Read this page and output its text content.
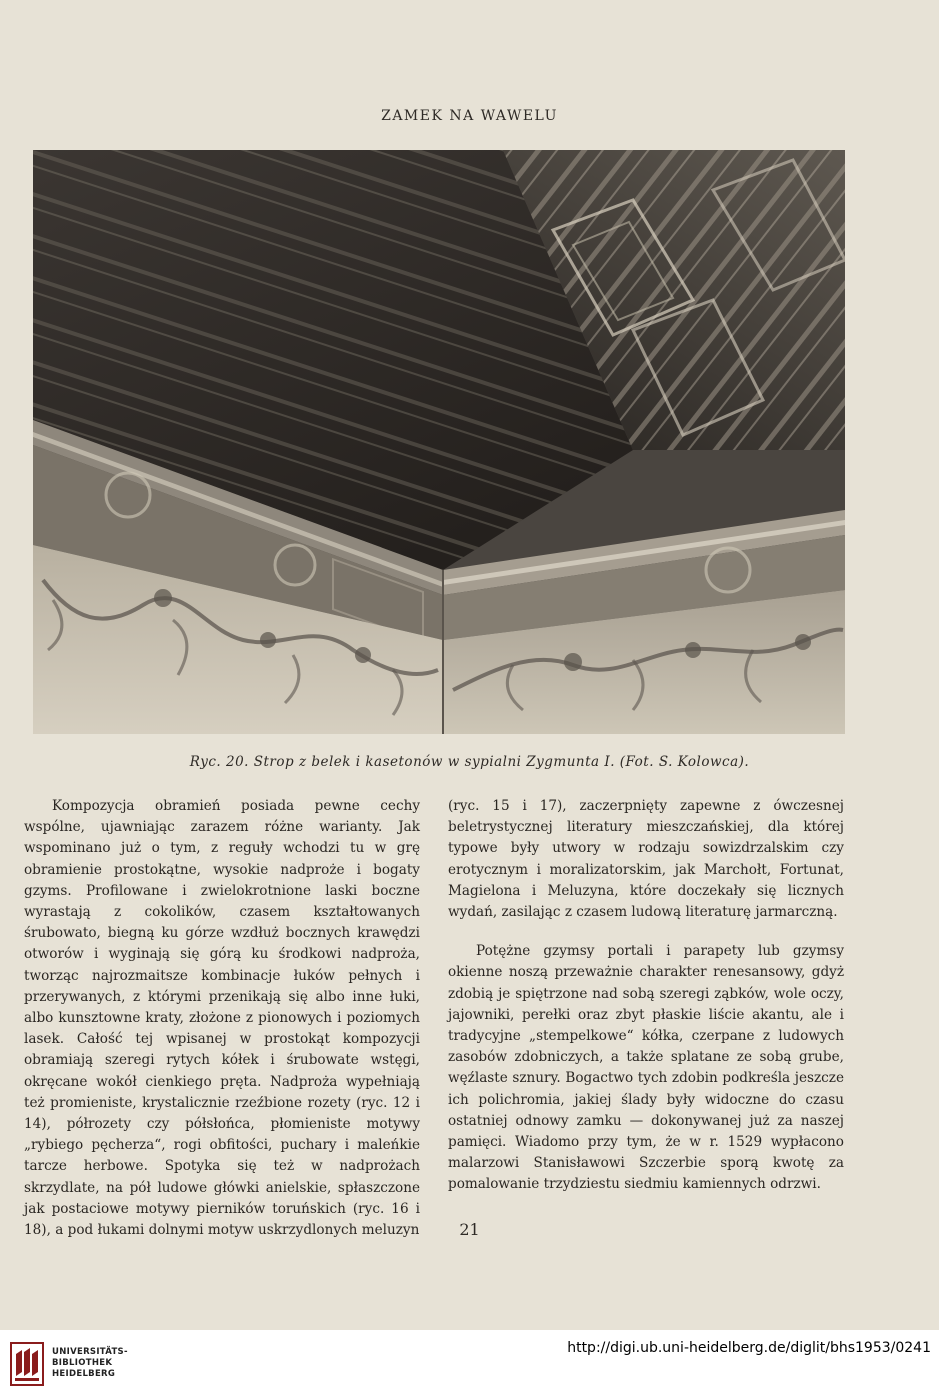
ZAMEK NA WAWELU
Ryc. 20. Strop z belek i kasetonów w sypialni Zygmunta I. (Fot. S. Kolowca).

Kompozycja obramień posiada pewne cechy wspólne, ujawniając zarazem różne warianty. Jak wspominano już o tym, z reguły wchodzi tu w grę obramienie prostokątne, wysokie nadproże i bogaty gzyms. Profilowane i zwielokrotnione laski boczne wyrastają z cokolików, czasem kształtowanych śrubowato, biegną ku górze wzdłuż bocznych krawędzi otworów i wyginają się górą ku środkowi nadproża, tworząc najrozmaitsze kombinacje łuków pełnych i przerywanych, z którymi przenikają się albo inne łuki, albo kunsztowne kraty, złożone z pionowych i poziomych lasek. Całość tej wpisanej w prostokąt kompozycji obramiają szeregi rytych kółek i śrubowate wstęgi, okręcane wokół cienkiego pręta. Nadproża wypełniają też promieniste, krystalicznie rzeźbione rozety (ryc. 12 i 14), półrozety czy półsłońca, płomieniste motywy „rybiego pęcherza“, rogi obfitości, puchary i maleńkie tarcze herbowe. Spotyka się też w nadprożach skrzydlate, na pół ludowe główki anielskie, spłaszczone jak postaciowe motywy pierników toruńskich (ryc. 16 i 18), a pod łukami dolnymi motyw uskrzydlonych meluzyn

(ryc. 15 i 17), zaczerpnięty zapewne z ówczesnej beletrystycznej literatury mieszczańskiej, dla której typowe były utwory w rodzaju sowizdrzalskim czy erotycznym i moralizatorskim, jak Marchołt, Fortunat, Magielona i Meluzyna, które doczekały się licznych wydań, zasilając z czasem ludową literaturę jarmarczną.

Potężne gzymsy portali i parapety lub gzymsy okienne noszą przeważnie charakter renesansowy, gdyż zdobią je spiętrzone nad sobą szeregi ząbków, wole oczy, jajowniki, perełki oraz zbyt płaskie liście akantu, ale i tradycyjne „stempelkowe“ kółka, czerpane z ludowych zasobów zdobniczych, a także splatane ze sobą grube, węźlaste sznury. Bogactwo tych zdobin podkreśla jeszcze ich polichromia, jakiej ślady były widoczne do czasu ostatniej odnowy zamku — dokonywanej już za naszej pamięci. Wiadomo przy tym, że w r. 1529 wypłacono malarzowi Stanisławowi Szczerbie sporą kwotę za pomalowanie trzydziestu siedmiu kamiennych odrzwi.

21
UNIVERSITÄTS-
BIBLIOTHEK
HEIDELBERG
http://digi.ub.uni-heidelberg.de/diglit/bhs1953/0241
